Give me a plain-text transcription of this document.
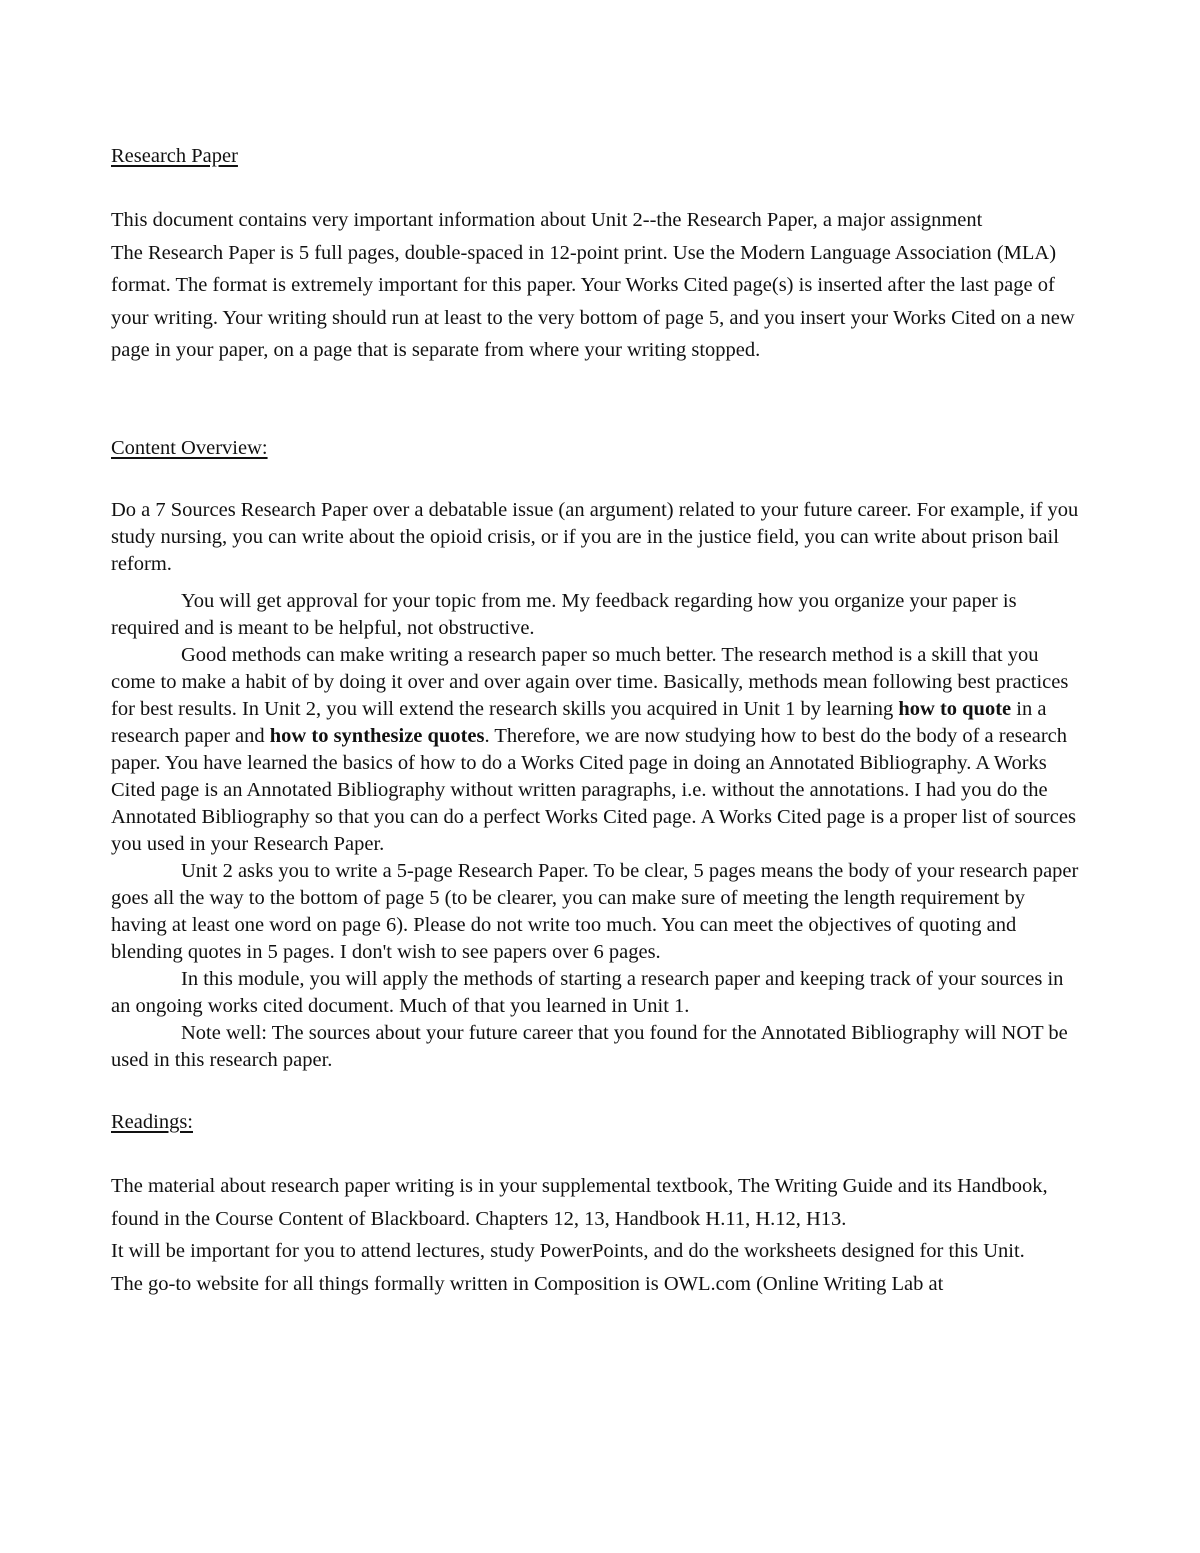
Research Paper

This document contains very important information about Unit 2--the Research Paper, a major assignment

The Research Paper is 5 full pages, double-spaced in 12-point print. Use the Modern Language Association (MLA) format. The format is extremely important for this paper. Your Works Cited page(s) is inserted after the last page of your writing. Your writing should run at least to the very bottom of page 5, and you insert your Works Cited on a new page in your paper, on a page that is separate from where your writing stopped.

Content Overview:

Do a 7 Sources Research Paper over a debatable issue (an argument) related to your future career. For example, if you study nursing, you can write about the opioid crisis, or if you are in the justice field, you can write about prison bail reform.

You will get approval for your topic from me. My feedback regarding how you organize your paper is required and is meant to be helpful, not obstructive.

Good methods can make writing a research paper so much better. The research method is a skill that you come to make a habit of by doing it over and over again over time. Basically, methods mean following best practices for best results. In Unit 2, you will extend the research skills you acquired in Unit 1 by learning how to quote in a research paper and how to synthesize quotes. Therefore, we are now studying how to best do the body of a research paper. You have learned the basics of how to do a Works Cited page in doing an Annotated Bibliography. A Works Cited page is an Annotated Bibliography without written paragraphs, i.e. without the annotations. I had you do the Annotated Bibliography so that you can do a perfect Works Cited page. A Works Cited page is a proper list of sources you used in your Research Paper.

Unit 2 asks you to write a 5-page Research Paper. To be clear, 5 pages means the body of your research paper goes all the way to the bottom of page 5 (to be clearer, you can make sure of meeting the length requirement by having at least one word on page 6). Please do not write too much. You can meet the objectives of quoting and blending quotes in 5 pages. I don't wish to see papers over 6 pages.

In this module, you will apply the methods of starting a research paper and keeping track of your sources in an ongoing works cited document. Much of that you learned in Unit 1.

Note well: The sources about your future career that you found for the Annotated Bibliography will NOT be used in this research paper.

Readings:

The material about research paper writing is in your supplemental textbook, The Writing Guide and its Handbook, found in the Course Content of Blackboard. Chapters 12, 13, Handbook H.11, H.12, H13.

It will be important for you to attend lectures, study PowerPoints, and do the worksheets designed for this Unit.

The go-to website for all things formally written in Composition is OWL.com (Online Writing Lab at
